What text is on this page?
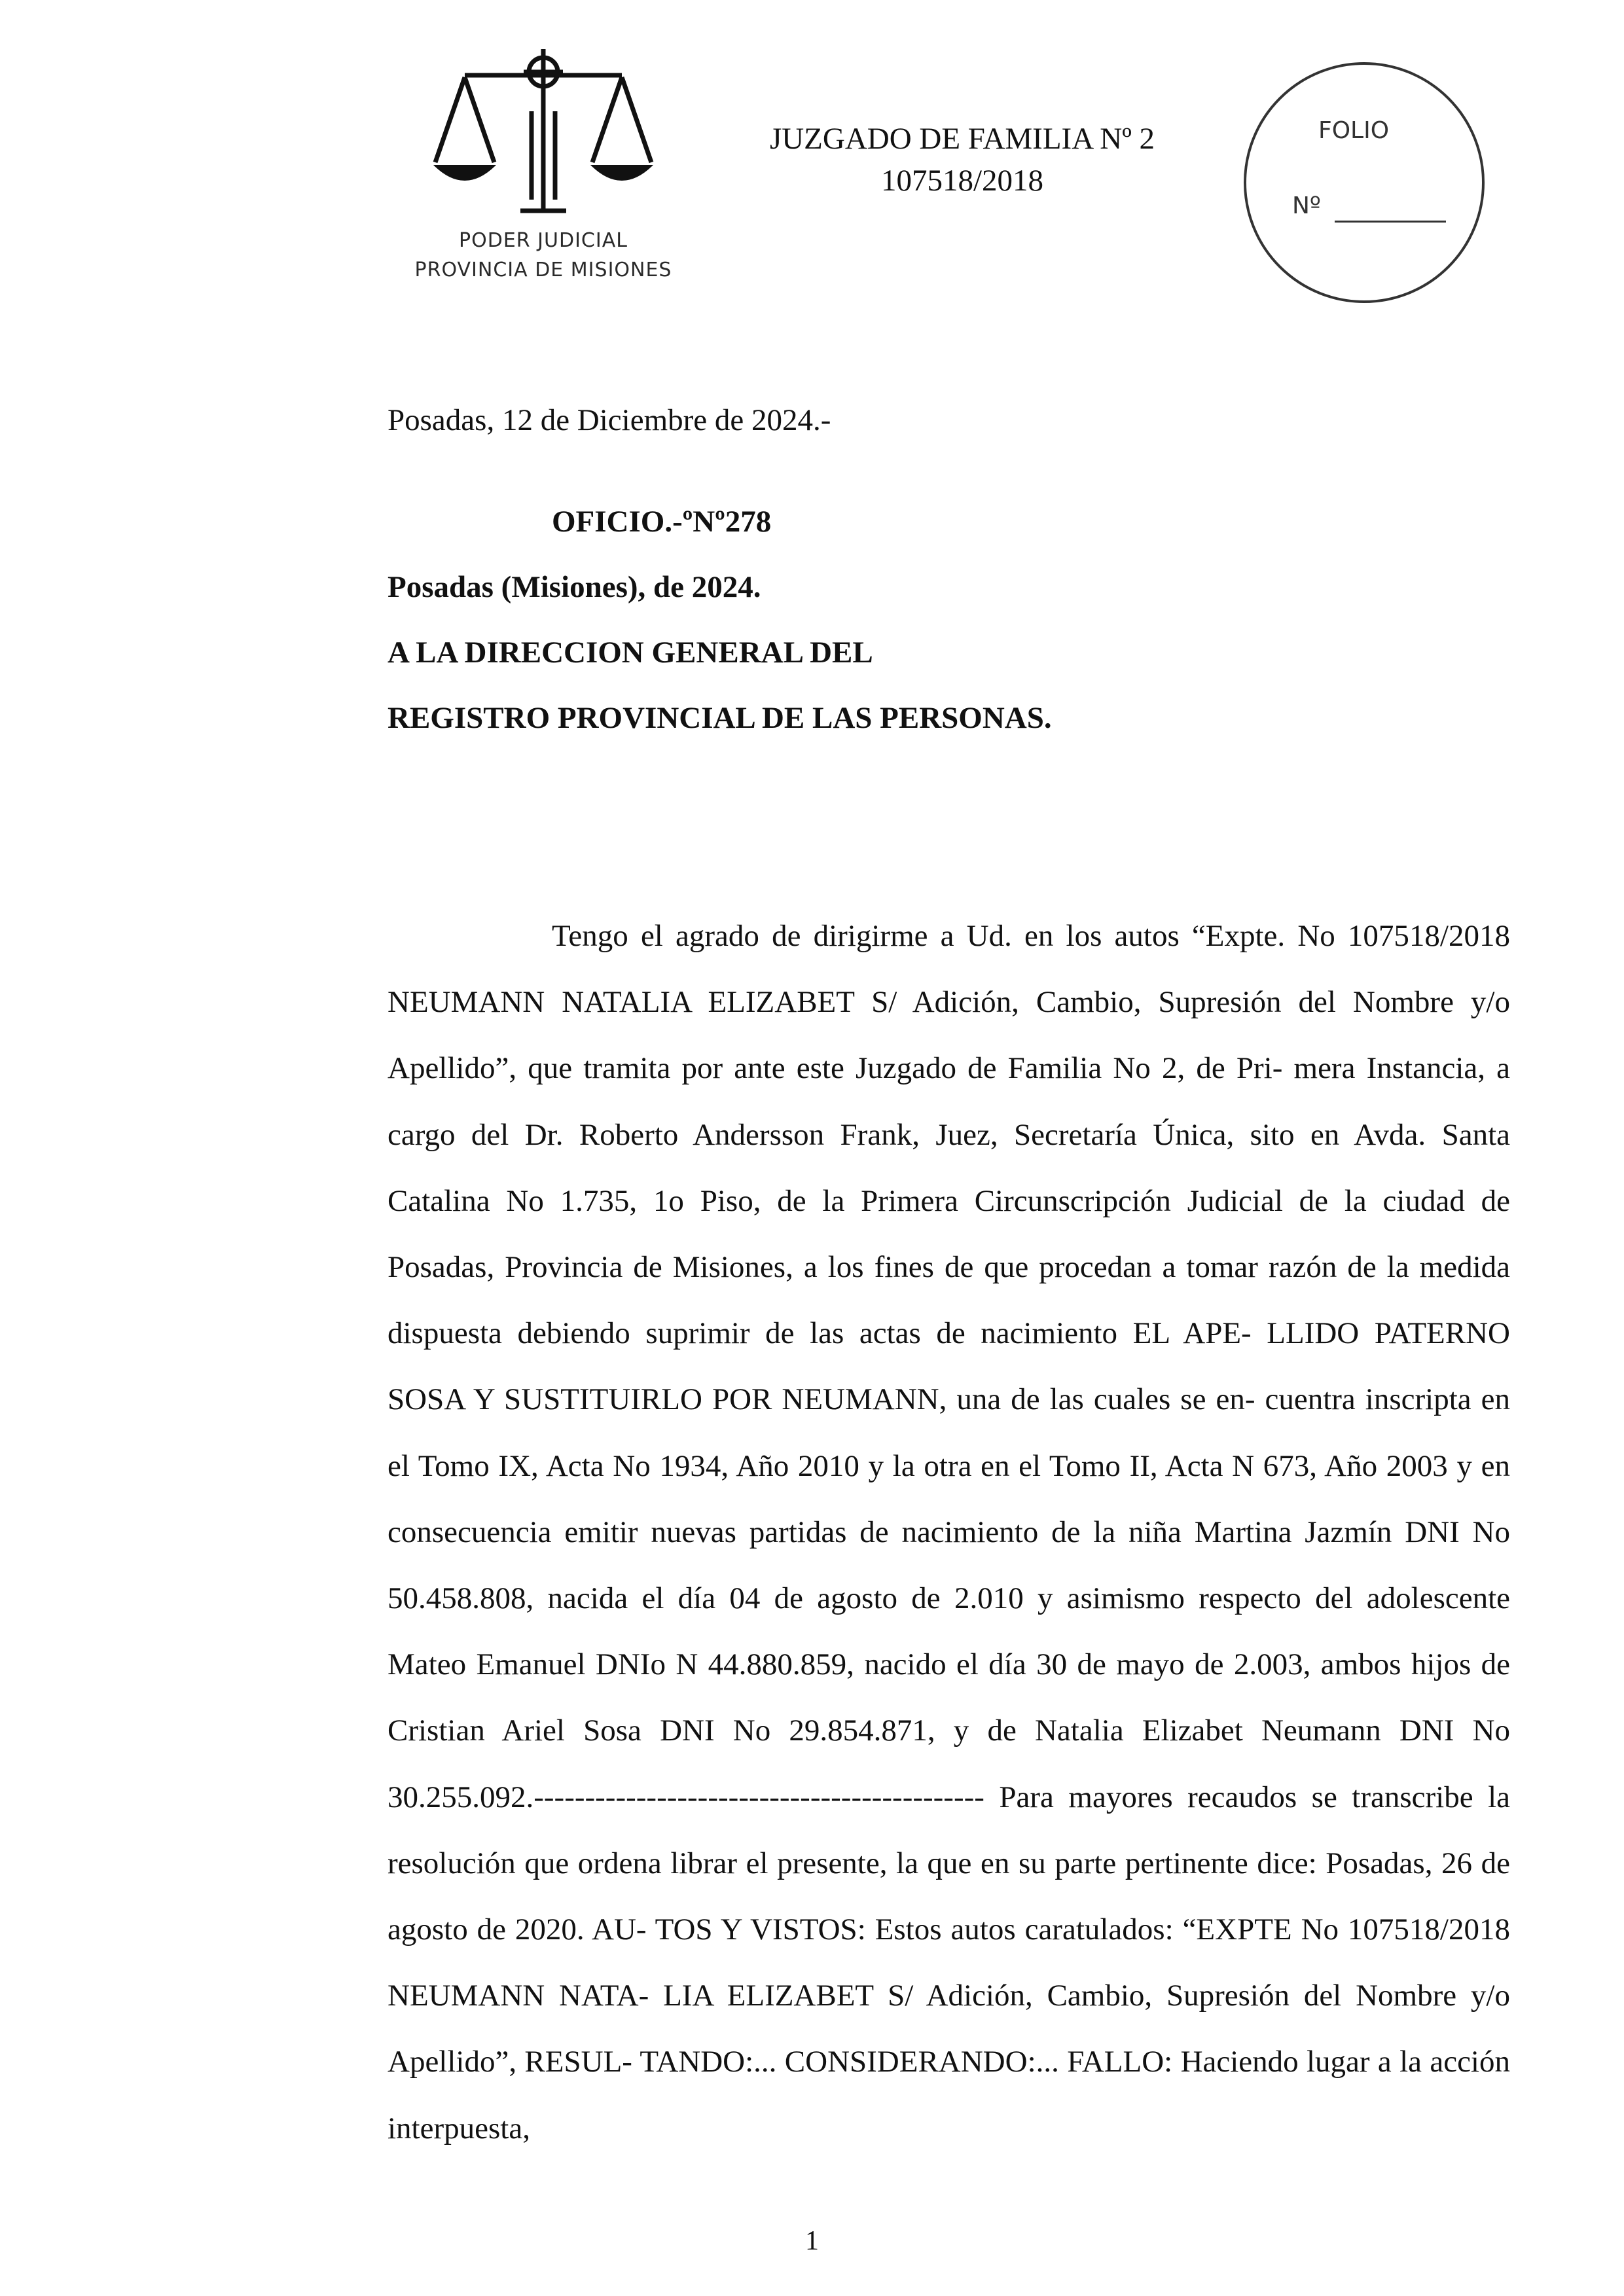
PODER JUDICIAL
PROVINCIA DE MISIONES
JUZGADO DE FAMILIA Nº 2
107518/2018
FOLIO
Nº
Posadas, 12 de Diciembre de 2024.-
OFICIO.-ºNº278
Posadas (Misiones), de 2024.
A LA DIRECCION GENERAL DEL
REGISTRO PROVINCIAL DE LAS PERSONAS.

Tengo el agrado de dirigirme a Ud. en los autos “Expte. No 107518/2018 NEUMANN NATALIA ELIZABET S/ Adición, Cambio, Supresión del Nombre y/o Apellido”, que tramita por ante este Juzgado de Familia No 2, de Pri- mera Instancia, a cargo del Dr. Roberto Andersson Frank, Juez, Secretaría Única, sito en Avda. Santa Catalina No 1.735, 1o Piso, de la Primera Circunscripción Judicial de la ciudad de Posadas, Provincia de Misiones, a los fines de que procedan a tomar razón de la medida dispuesta debiendo suprimir de las actas de nacimiento EL APE- LLIDO PATERNO SOSA Y SUSTITUIRLO POR NEUMANN, una de las cuales se en- cuentra inscripta en el Tomo IX, Acta No 1934, Año 2010 y la otra en el Tomo II, Acta N 673, Año 2003 y en consecuencia emitir nuevas partidas de nacimiento de la niña Martina Jazmín DNI No 50.458.808, nacida el día 04 de agosto de 2.010 y asimismo respecto del adolescente Mateo Emanuel DNIo N 44.880.859, nacido el día 30 de mayo de 2.003, ambos hijos de Cristian Ariel Sosa DNI No 29.854.871, y de Natalia Elizabet Neumann DNI No 30.255.092.-------------------------------------------- Para mayores recaudos se transcribe la resolución que ordena librar el presente, la que en su parte pertinente dice: Posadas, 26 de agosto de 2020. AU- TOS Y VISTOS: Estos autos caratulados: “EXPTE No 107518/2018 NEUMANN NATA- LIA ELIZABET S/ Adición, Cambio, Supresión del Nombre y/o Apellido”, RESUL- TANDO:... CONSIDERANDO:... FALLO: Haciendo lugar a la acción interpuesta,

1
